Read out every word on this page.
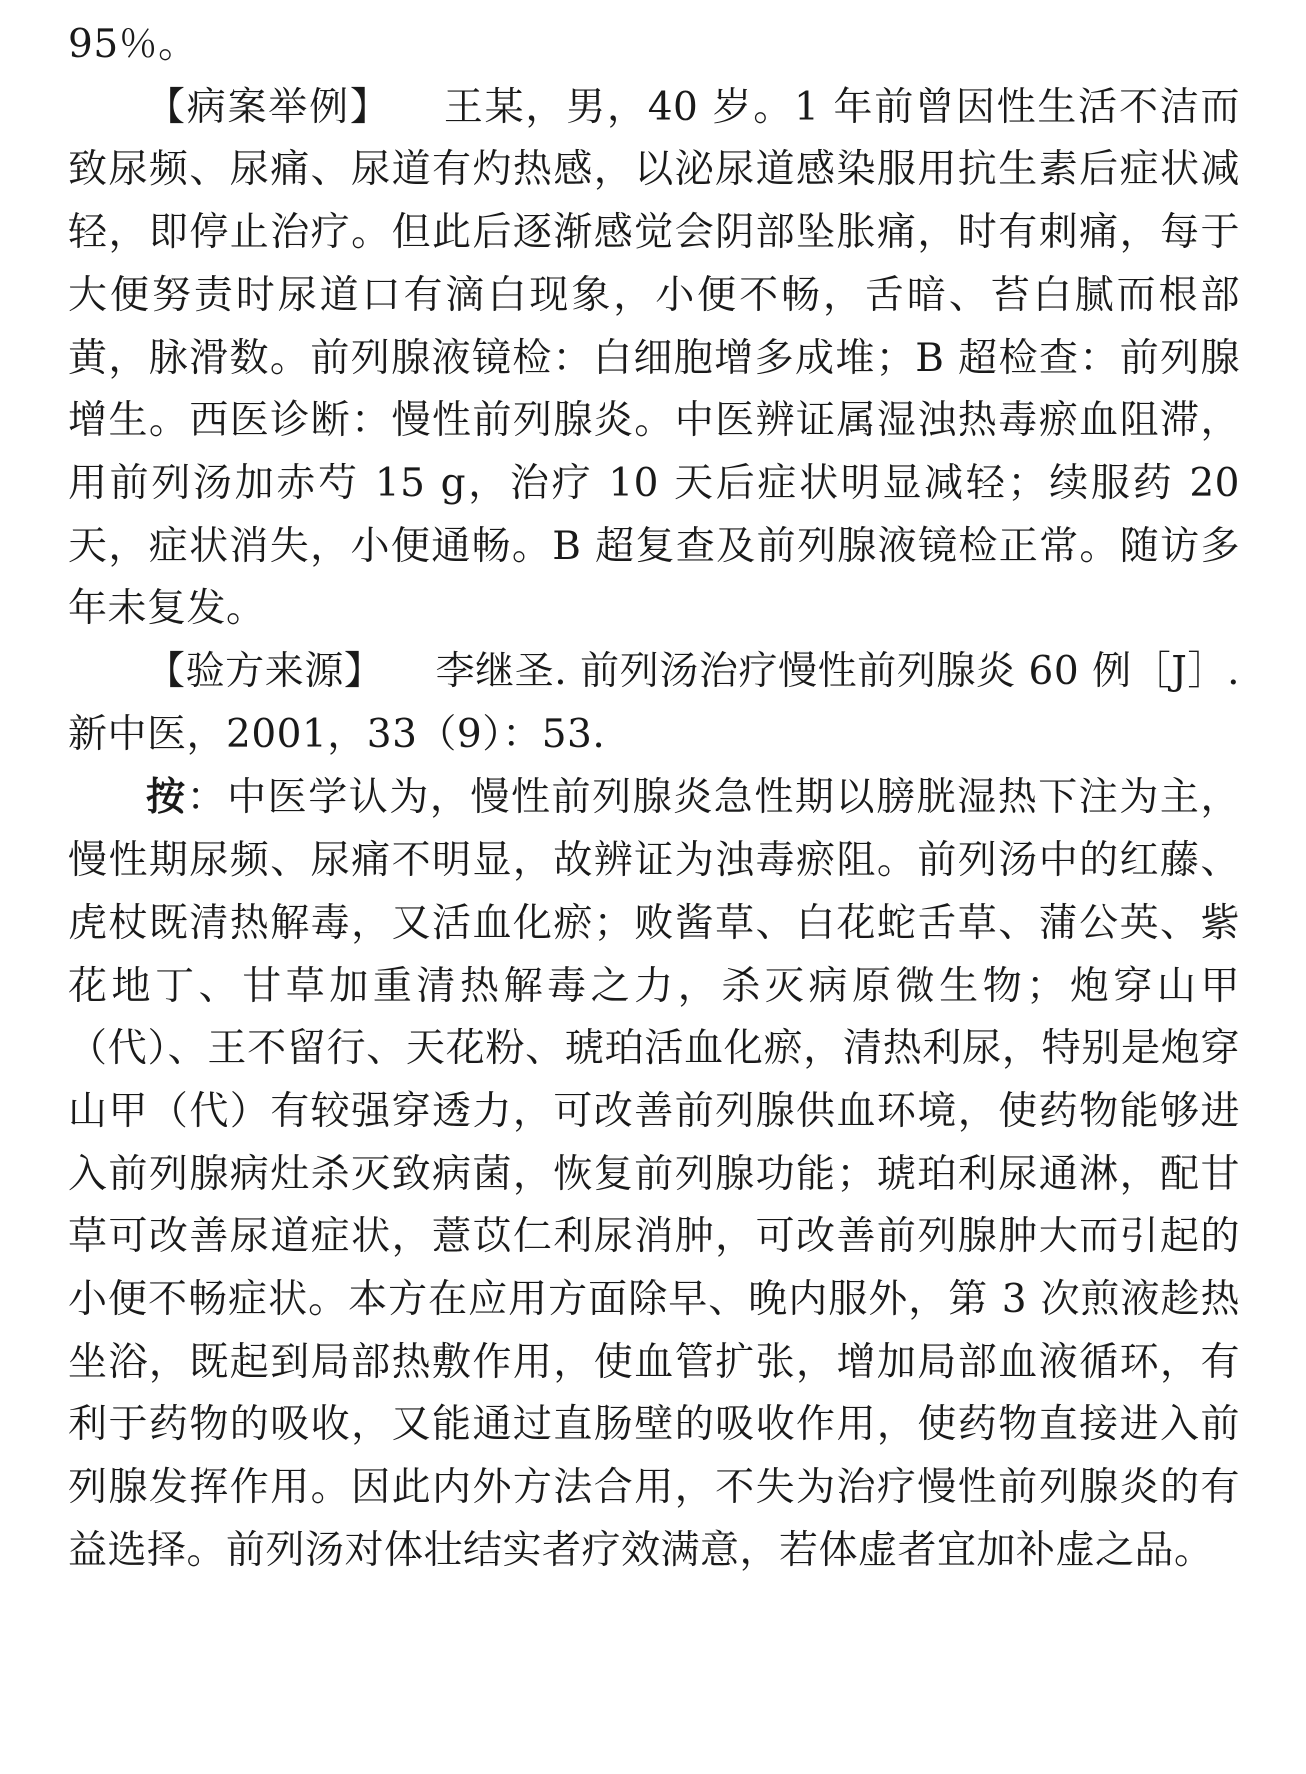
95％。

【病案举例】 王某，男，40 岁。1 年前曾因性生活不洁而致尿频、尿痛、尿道有灼热感，以泌尿道感染服用抗生素后症状减轻，即停止治疗。但此后逐渐感觉会阴部坠胀痛，时有刺痛，每于大便努责时尿道口有滴白现象，小便不畅，舌暗、苔白腻而根部黄，脉滑数。前列腺液镜检：白细胞增多成堆；B 超检查：前列腺增生。西医诊断：慢性前列腺炎。中医辨证属湿浊热毒瘀血阻滞，用前列汤加赤芍 15 g，治疗 10 天后症状明显减轻；续服药 20 天，症状消失，小便通畅。B 超复查及前列腺液镜检正常。随访多年未复发。

【验方来源】 李继圣. 前列汤治疗慢性前列腺炎 60 例［J］. 新中医，2001，33（9）：53.

按：中医学认为，慢性前列腺炎急性期以膀胱湿热下注为主，慢性期尿频、尿痛不明显，故辨证为浊毒瘀阻。前列汤中的红藤、虎杖既清热解毒，又活血化瘀；败酱草、白花蛇舌草、蒲公英、紫花地丁、甘草加重清热解毒之力，杀灭病原微生物；炮穿山甲（代）、王不留行、天花粉、琥珀活血化瘀，清热利尿，特别是炮穿山甲（代）有较强穿透力，可改善前列腺供血环境，使药物能够进入前列腺病灶杀灭致病菌，恢复前列腺功能；琥珀利尿通淋，配甘草可改善尿道症状，薏苡仁利尿消肿，可改善前列腺肿大而引起的小便不畅症状。本方在应用方面除早、晚内服外，第 3 次煎液趁热坐浴，既起到局部热敷作用，使血管扩张，增加局部血液循环，有利于药物的吸收，又能通过直肠壁的吸收作用，使药物直接进入前列腺发挥作用。因此内外方法合用，不失为治疗慢性前列腺炎的有益选择。前列汤对体壮结实者疗效满意，若体虚者宜加补虚之品。
